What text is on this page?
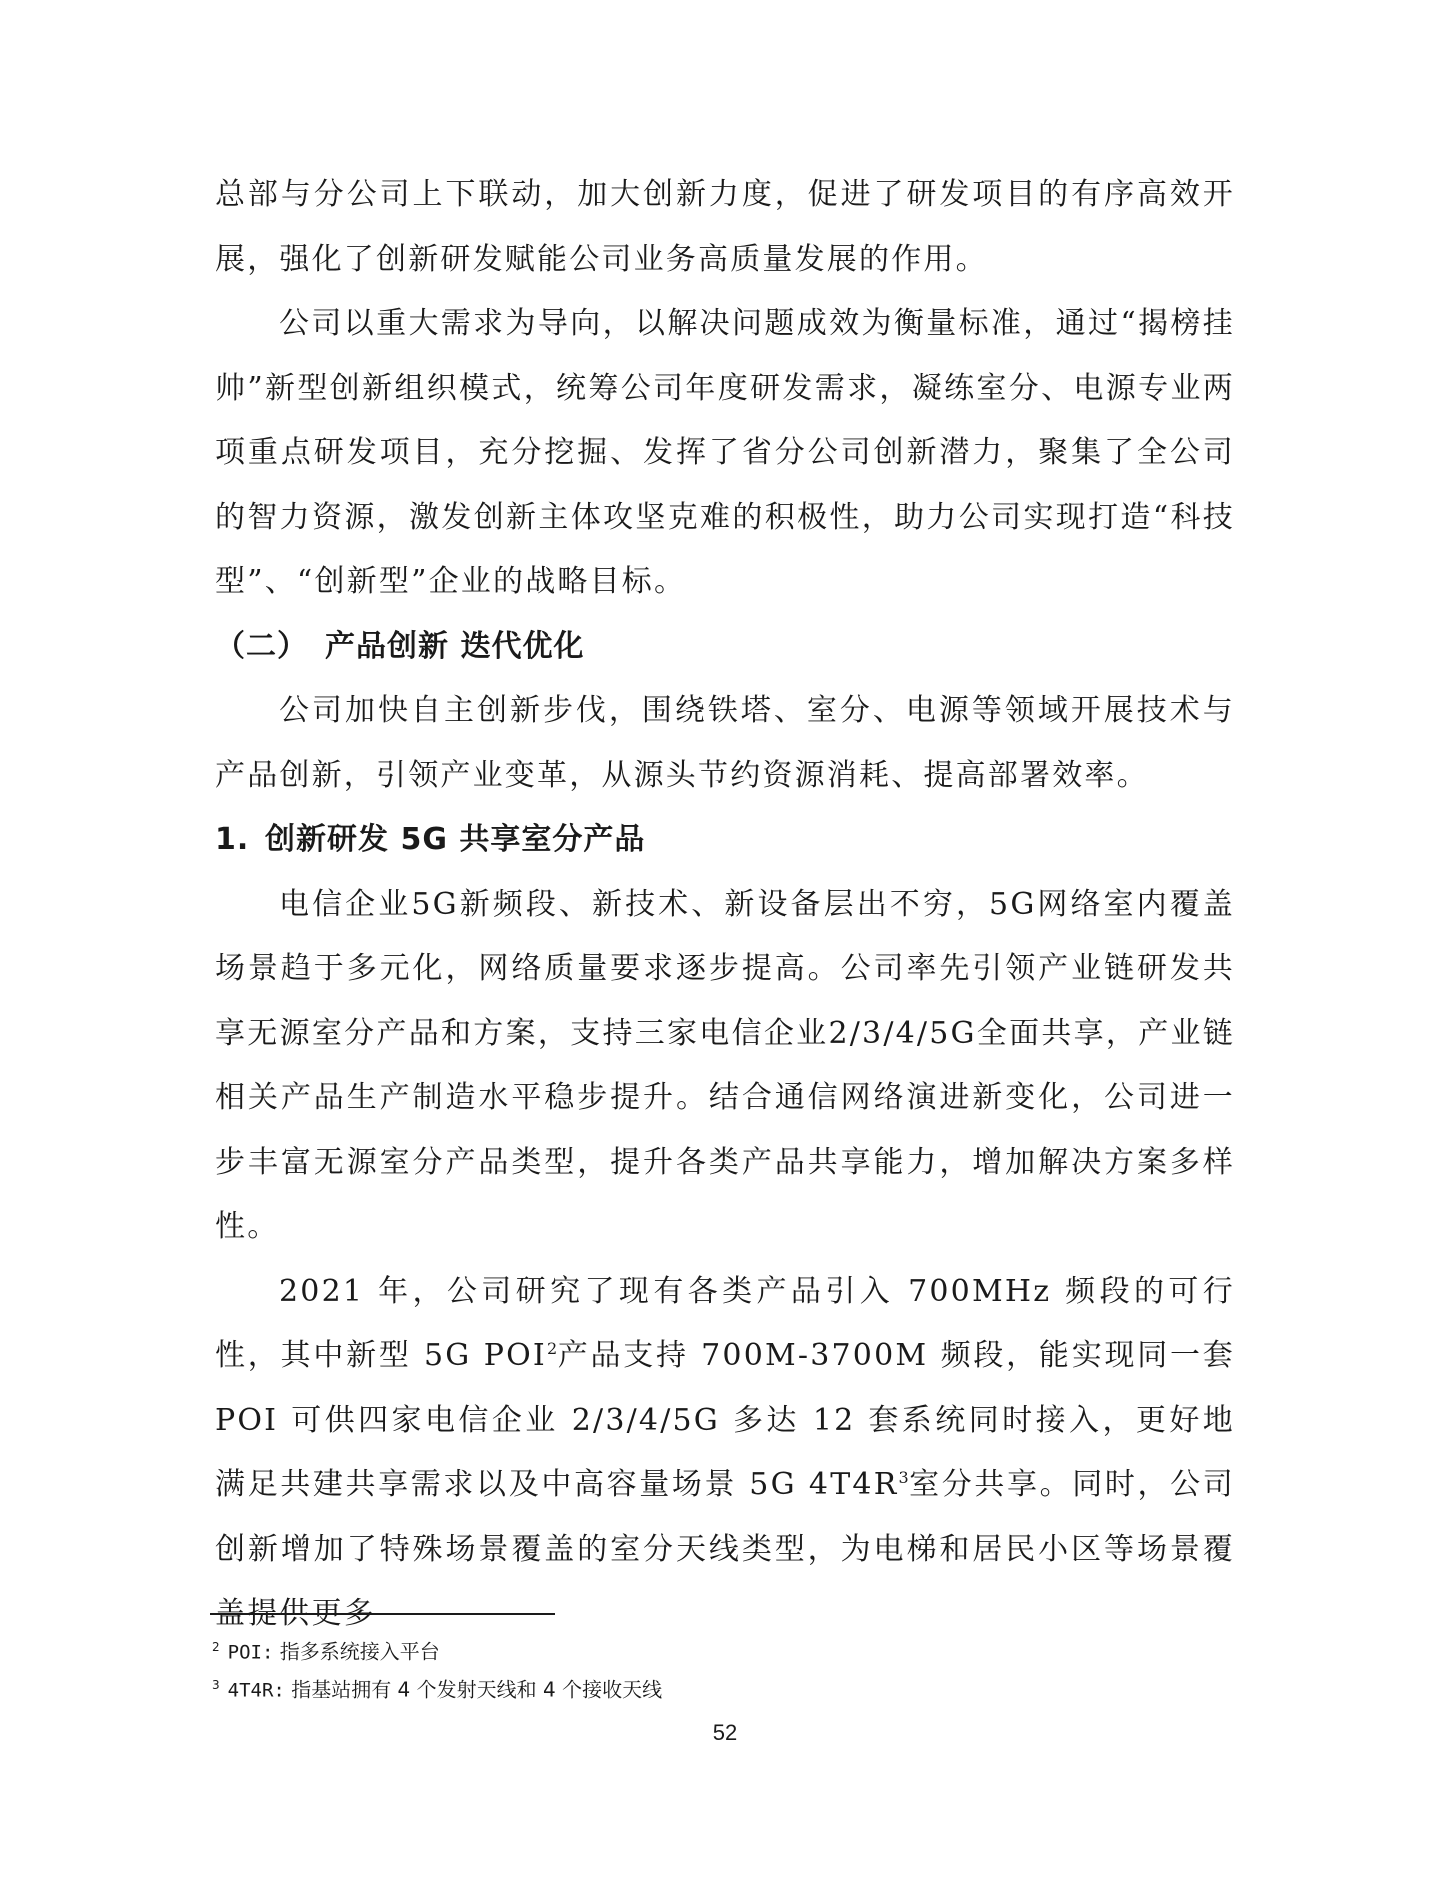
总部与分公司上下联动，加大创新力度，促进了研发项目的有序高效开展，强化了创新研发赋能公司业务高质量发展的作用。

公司以重大需求为导向，以解决问题成效为衡量标准，通过“揭榜挂帅”新型创新组织模式，统筹公司年度研发需求，凝练室分、电源专业两项重点研发项目，充分挖掘、发挥了省分公司创新潜力，聚集了全公司的智力资源，激发创新主体攻坚克难的积极性，助力公司实现打造“科技型”、“创新型”企业的战略目标。

（二） 产品创新 迭代优化

公司加快自主创新步伐，围绕铁塔、室分、电源等领域开展技术与产品创新，引领产业变革，从源头节约资源消耗、提高部署效率。

1. 创新研发 5G 共享室分产品

电信企业5G新频段、新技术、新设备层出不穷，5G网络室内覆盖场景趋于多元化，网络质量要求逐步提高。公司率先引领产业链研发共享无源室分产品和方案，支持三家电信企业2/3/4/5G全面共享，产业链相关产品生产制造水平稳步提升。结合通信网络演进新变化，公司进一步丰富无源室分产品类型，提升各类产品共享能力，增加解决方案多样性。

2021 年，公司研究了现有各类产品引入 700MHz 频段的可行性，其中新型 5G POI$^2$产品支持 700M-3700M 频段，能实现同一套 POI 可供四家电信企业 2/3/4/5G 多达 12 套系统同时接入，更好地满足共建共享需求以及中高容量场景 5G $4T4R^3$室分共享。同时，公司创新增加了特殊场景覆盖的室分天线类型，为电梯和居民小区等场景覆盖提供更多

$^2$ POI: 指多系统接入平台

$^3$ 4T4R: 指基站拥有 4 个发射天线和 4 个接收天线

52
